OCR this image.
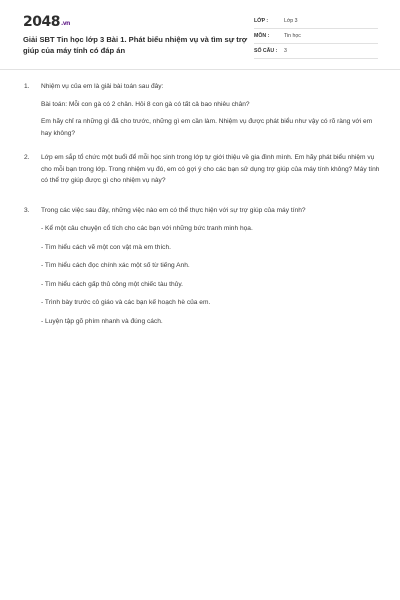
2048.vn
Giải SBT Tin học lớp 3 Bài 1. Phát biểu nhiệm vụ và tìm sự trợ giúp của máy tính có đáp án
LỚP :	Lớp 3
MÔN :	Tin học
SỐ CÂU : 3
1. Nhiệm vụ của em là giải bài toán sau đây:

Bài toán: Mỗi con gà có 2 chân. Hỏi 8 con gà có tất cả bao nhiêu chân?

Em hãy chỉ ra những gì đã cho trước, những gì em cần làm. Nhiệm vụ được phát biểu như vậy có rõ ràng với em hay không?

2. Lớp em sắp tổ chức một buổi để mỗi học sinh trong lớp tự giới thiệu về gia đình mình. Em hãy phát biểu nhiệm vụ cho mỗi bạn trong lớp. Trong nhiệm vụ đó, em có gợi ý cho các bạn sử dụng trợ giúp của máy tính không? Máy tính có thể trợ giúp được gì cho nhiệm vụ này?

3. Trong các việc sau đây, những việc nào em có thể thực hiện với sự trợ giúp của máy tính?

- Kể một câu chuyện cổ tích cho các bạn với những bức tranh minh họa.

- Tìm hiểu cách vẽ một con vật mà em thích.

- Tìm hiểu cách đọc chính xác một số từ tiếng Anh.

- Tìm hiểu cách gấp thủ công một chiếc tàu thủy.

- Trình bày trước cô giáo và các bạn kế hoạch hè của em.

- Luyện tập gõ phím nhanh và đúng cách.
